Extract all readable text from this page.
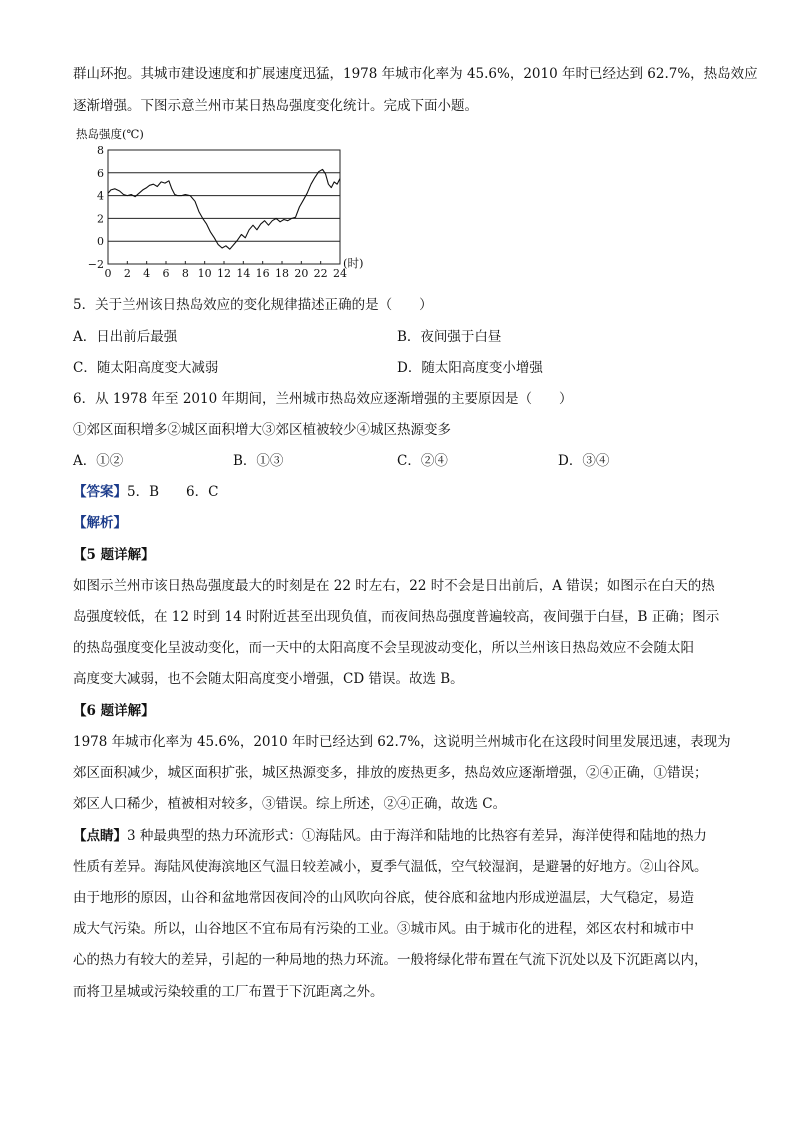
群山环抱。其城市建设速度和扩展速度迅猛，1978 年城市化率为 45.6%，2010 年时已经达到 62.7%，热岛效应
逐渐增强。下图示意兰州市某日热岛强度变化统计。完成下面小题。
热岛强度(℃)
8
6
4
2
0
−2
0 2 4 6 8 10 12 14 16 18 20 22 24
(时)
5．关于兰州该日热岛效应的变化规律描述正确的是（　　）
A．日出前后最强	B．夜间强于白昼
C．随太阳高度变大减弱	D．随太阳高度变小增强
6．从 1978 年至 2010 年期间，兰州城市热岛效应逐渐增强的主要原因是（　　）
①郊区面积增多②城区面积增大③郊区植被较少④城区热源变多
A．①②	B．①③	C．②④	D．③④
【答案】5．B　　6．C
【解析】
【5 题详解】
如图示兰州市该日热岛强度最大的时刻是在 22 时左右，22 时不会是日出前后，A 错误；如图示在白天的热
岛强度较低，在 12 时到 14 时附近甚至出现负值，而夜间热岛强度普遍较高，夜间强于白昼，B 正确；图示
的热岛强度变化呈波动变化，而一天中的太阳高度不会呈现波动变化，所以兰州该日热岛效应不会随太阳
高度变大减弱，也不会随太阳高度变小增强，CD 错误。故选 B。
【6 题详解】
1978 年城市化率为 45.6%，2010 年时已经达到 62.7%，这说明兰州城市化在这段时间里发展迅速，表现为
郊区面积减少，城区面积扩张，城区热源变多，排放的废热更多，热岛效应逐渐增强，②④正确，①错误；
郊区人口稀少，植被相对较多，③错误。综上所述，②④正确，故选 C。
【点睛】3 种最典型的热力环流形式：①海陆风。由于海洋和陆地的比热容有差异，海洋使得和陆地的热力
性质有差异。海陆风使海滨地区气温日较差减小，夏季气温低，空气较湿润，是避暑的好地方。②山谷风。
由于地形的原因，山谷和盆地常因夜间冷的山风吹向谷底，使谷底和盆地内形成逆温层，大气稳定，易造
成大气污染。所以，山谷地区不宜布局有污染的工业。③城市风。由于城市化的进程，郊区农村和城市中
心的热力有较大的差异，引起的一种局地的热力环流。一般将绿化带布置在气流下沉处以及下沉距离以内，
而将卫星城或污染较重的工厂布置于下沉距离之外。
